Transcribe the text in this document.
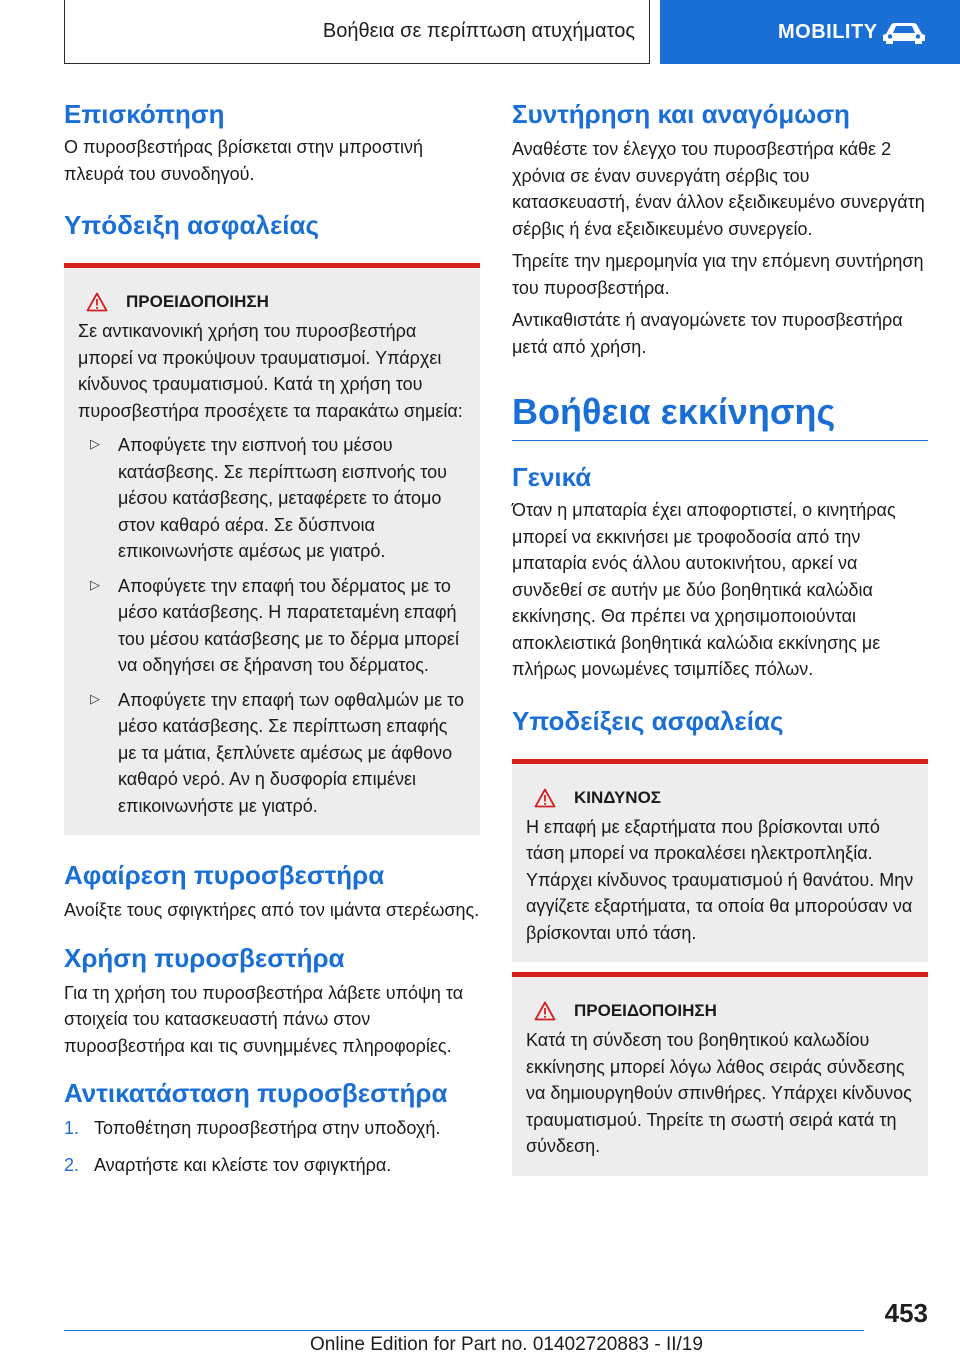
Βοήθεια σε περίπτωση ατυχήματος	MOBILITY
Επισκόπηση

Ο πυροσβεστήρας βρίσκεται στην μπροστινή πλευρά του συνοδηγού.

Υπόδειξη ασφαλείας
ΠΡΟΕΙΔΟΠΟΙΗΣΗ

Σε αντικανονική χρήση του πυροσβεστήρα μπορεί να προκύψουν τραυματισμοί. Υπάρχει κίνδυνος τραυματισμού. Κατά τη χρήση του πυροσβεστήρα προσέχετε τα παρακάτω σημεία:

▷ Αποφύγετε την εισπνοή του μέσου κατάσβεσης. Σε περίπτωση εισπνοής του μέσου κατάσβεσης, μεταφέρετε το άτομο στον καθαρό αέρα. Σε δύσπνοια επικοινωνήστε αμέσως με γιατρό.
▷ Αποφύγετε την επαφή του δέρματος με το μέσο κατάσβεσης. Η παρατεταμένη επαφή του μέσου κατάσβεσης με το δέρμα μπορεί να οδηγήσει σε ξήρανση του δέρματος.
▷ Αποφύγετε την επαφή των οφθαλμών με το μέσο κατάσβεσης. Σε περίπτωση επαφής με τα μάτια, ξεπλύνετε αμέσως με άφθονο καθαρό νερό. Αν η δυσφορία επιμένει επικοινωνήστε με γιατρό.
Αφαίρεση πυροσβεστήρα

Ανοίξτε τους σφιγκτήρες από τον ιμάντα στερέωσης.

Χρήση πυροσβεστήρα

Για τη χρήση του πυροσβεστήρα λάβετε υπόψη τα στοιχεία του κατασκευαστή πάνω στον πυροσβεστήρα και τις συνημμένες πληροφορίες.

Αντικατάσταση πυροσβεστήρα
1. Τοποθέτηση πυροσβεστήρα στην υποδοχή.
2. Αναρτήστε και κλείστε τον σφιγκτήρα.
Συντήρηση και αναγόμωση

Αναθέστε τον έλεγχο του πυροσβεστήρα κάθε 2 χρόνια σε έναν συνεργάτη σέρβις του κατασκευαστή, έναν άλλον εξειδικευμένο συνεργάτη σέρβις ή ένα εξειδικευμένο συνεργείο.

Τηρείτε την ημερομηνία για την επόμενη συντήρηση του πυροσβεστήρα.

Αντικαθιστάτε ή αναγομώνετε τον πυροσβεστήρα μετά από χρήση.

Βοήθεια εκκίνησης
Γενικά

Όταν η μπαταρία έχει αποφορτιστεί, ο κινητήρας μπορεί να εκκινήσει με τροφοδοσία από την μπαταρία ενός άλλου αυτοκινήτου, αρκεί να συνδεθεί σε αυτήν με δύο βοηθητικά καλώδια εκκίνησης. Θα πρέπει να χρησιμοποιούνται αποκλειστικά βοηθητικά καλώδια εκκίνησης με πλήρως μονωμένες τσιμπίδες πόλων.

Υποδείξεις ασφαλείας
ΚΙΝΔΥΝΟΣ

Η επαφή με εξαρτήματα που βρίσκονται υπό τάση μπορεί να προκαλέσει ηλεκτροπληξία. Υπάρχει κίνδυνος τραυματισμού ή θανάτου. Μην αγγίζετε εξαρτήματα, τα οποία θα μπορούσαν να βρίσκονται υπό τάση.

ΠΡΟΕΙΔΟΠΟΙΗΣΗ

Κατά τη σύνδεση του βοηθητικού καλωδίου εκκίνησης μπορεί λόγω λάθος σειράς σύνδεσης να δημιουργηθούν σπινθήρες. Υπάρχει κίνδυνος τραυματισμού. Τηρείτε τη σωστή σειρά κατά τη σύνδεση.

453
Online Edition for Part no. 01402720883 - II/19
